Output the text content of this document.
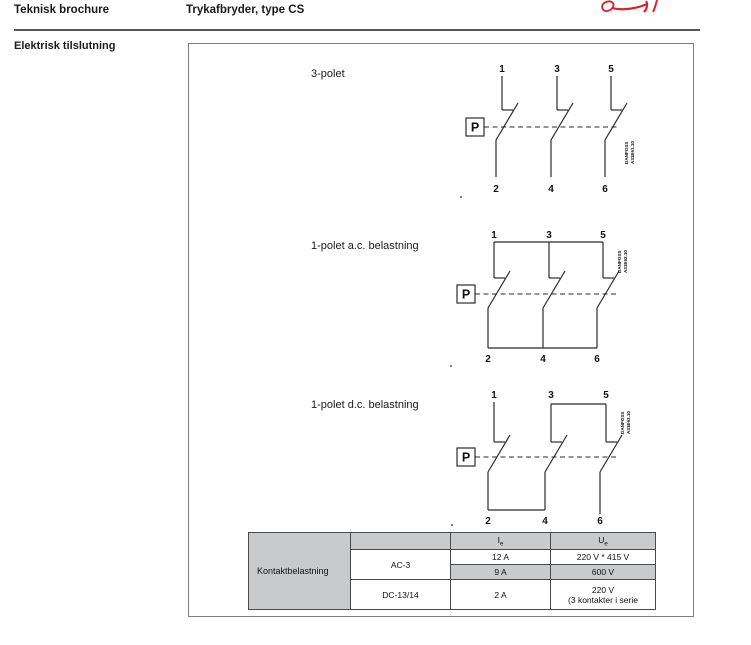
Teknisk brochure	Trykafbryder, type CS
Elektrisk tilslutning
3-polet
1-polet a.c. belastning
1-polet d.c. belastning
P
1	3	5
2	4	6
DANFOSS A31E61.10
P
1	3	5
2	4	6
DANFOSS A31E62.10
P
1	3	5
2	4	6
DANFOSS A31E63.10
Kontaktbelastning		$I_e$	$U_e$
	AC-3	12 A	220 V * 415 V
		9 A	600 V
	DC-13/14	2 A	220 V
(3 kontakter i serie
